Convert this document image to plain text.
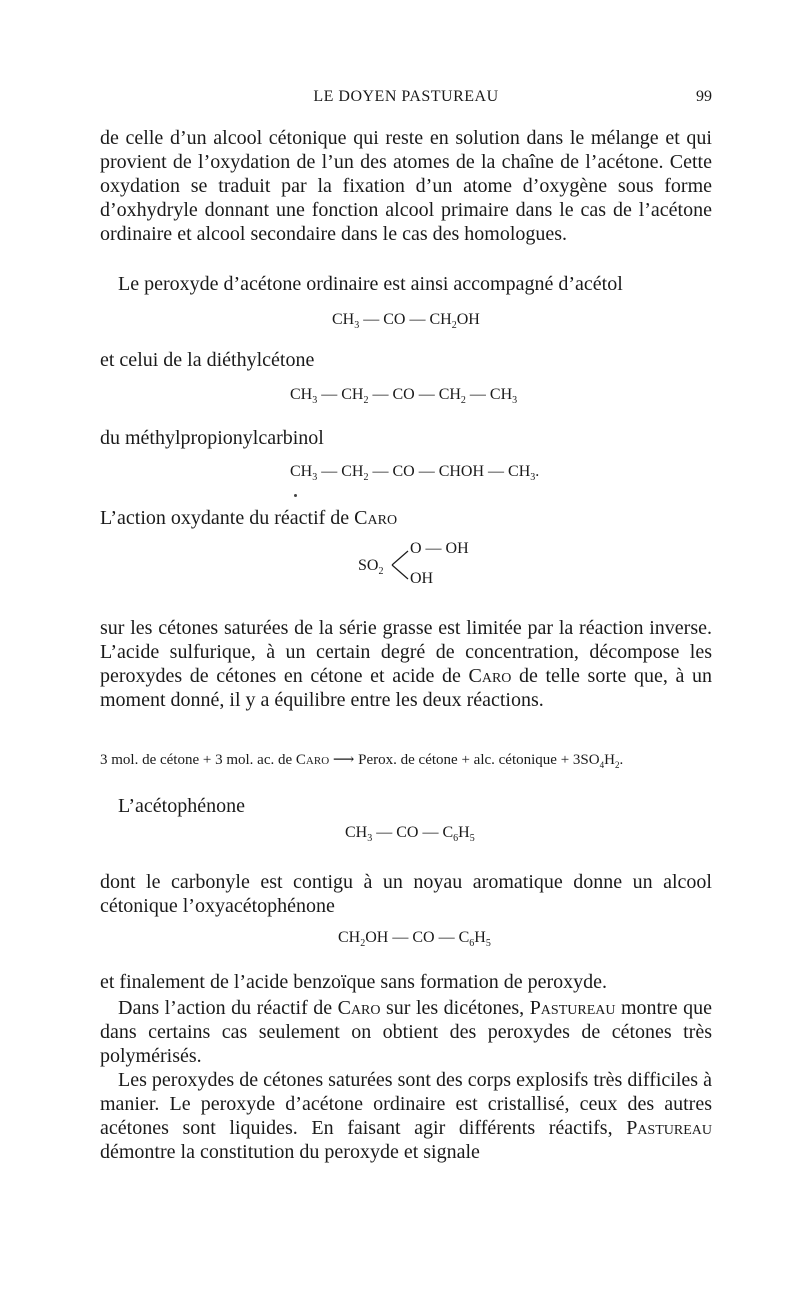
LE DOYEN PASTUREAU	99

de celle d’un alcool cétonique qui reste en solution dans le mélange et qui provient de l’oxydation de l’un des atomes de la chaîne de l’acétone. Cette oxydation se traduit par la fixation d’un atome d’oxygène sous forme d’oxhydryle donnant une fonction alcool primaire dans le cas de l’acétone ordinaire et alcool secondaire dans le cas des homologues.

Le peroxyde d’acétone ordinaire est ainsi accompagné d’acétol

$CH_3$ — CO — $CH_2OH$

et celui de la diéthylcétone

$CH_3$ — $CH_2$ — CO — $CH_2$ — $CH_3$

du méthylpropionylcarbinol

$CH_3$ — $CH_2$ — CO — CHOH — $CH_3$.

L’action oxydante du réactif de Caro

$SO_2$
O — OH
OH

sur les cétones saturées de la série grasse est limitée par la réaction inverse. L’acide sulfurique, à un certain degré de concentration, décompose les peroxydes de cétones en cétone et acide de Caro de telle sorte que, à un moment donné, il y a équilibre entre les deux réactions.

3 mol. de cétone + 3 mol. ac. de Caro ⟶ Perox. de cétone + alc. cétonique + $3SO_4H_2$.

L’acétophénone

$CH_3$ — CO — $C_6H_5$

dont le carbonyle est contigu à un noyau aromatique donne un alcool cétonique l’oxyacétophénone

$CH_2OH$ — CO — $C_6H_5$

et finalement de l’acide benzoïque sans formation de peroxyde.

Dans l’action du réactif de Caro sur les dicétones, Pastureau montre que dans certains cas seulement on obtient des peroxydes de cétones très polymérisés.

Les peroxydes de cétones saturées sont des corps explosifs très difficiles à manier. Le peroxyde d’acétone ordinaire est cristallisé, ceux des autres acétones sont liquides. En faisant agir différents réactifs, Pastureau démontre la constitution du peroxyde et signale
